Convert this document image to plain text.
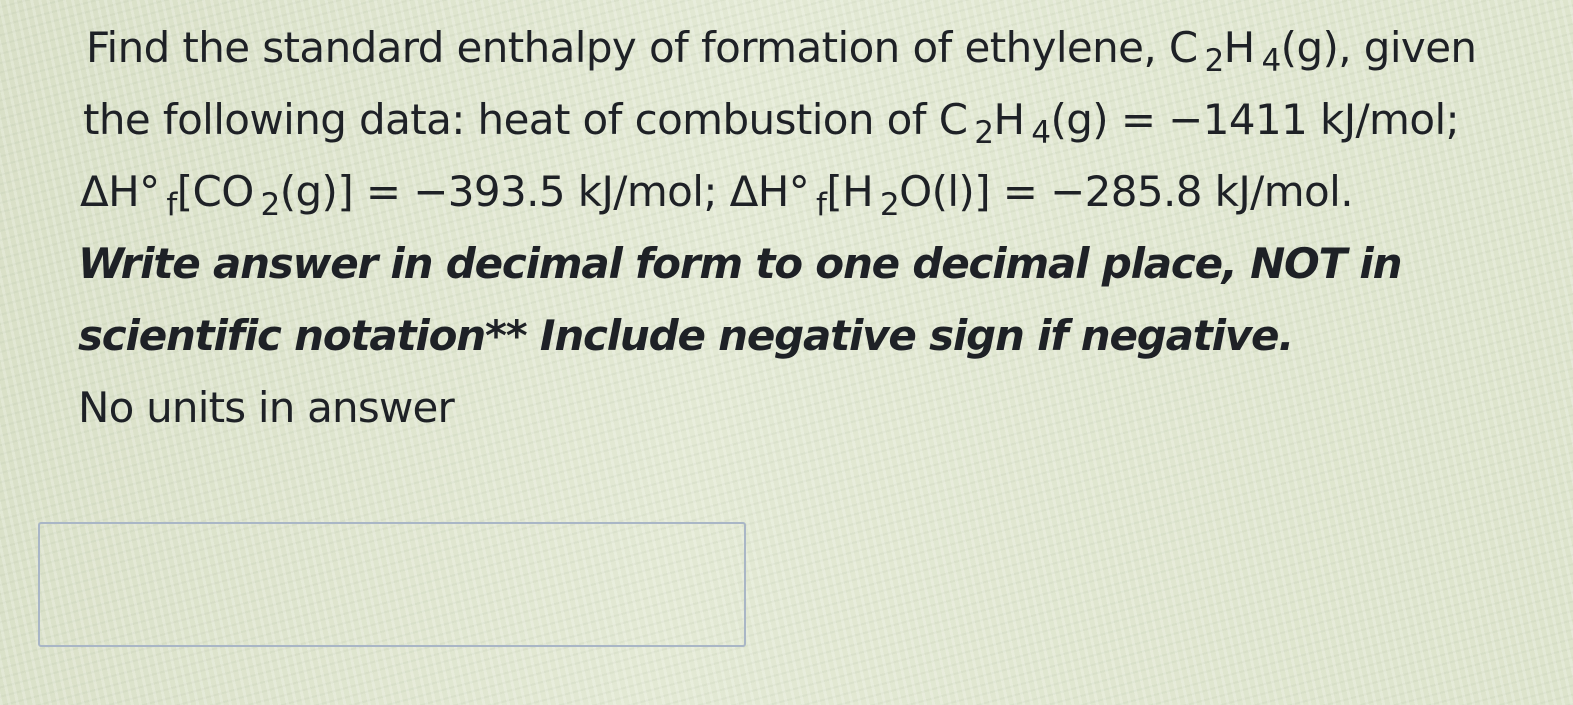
Find the standard enthalpy of formation of ethylene, C $_2$H $_4$(g), given
the following data: heat of combustion of C $_2$H $_4$(g) = −1411 kJ/mol;
ΔH° $_f$[CO $_2$(g)] = −393.5 kJ/mol; ΔH° $_f$[H $_2$O(l)] = −285.8 kJ/mol.
Write answer in decimal form to one decimal place, NOT in
scientific notation** Include negative sign if negative.
No units in answer
